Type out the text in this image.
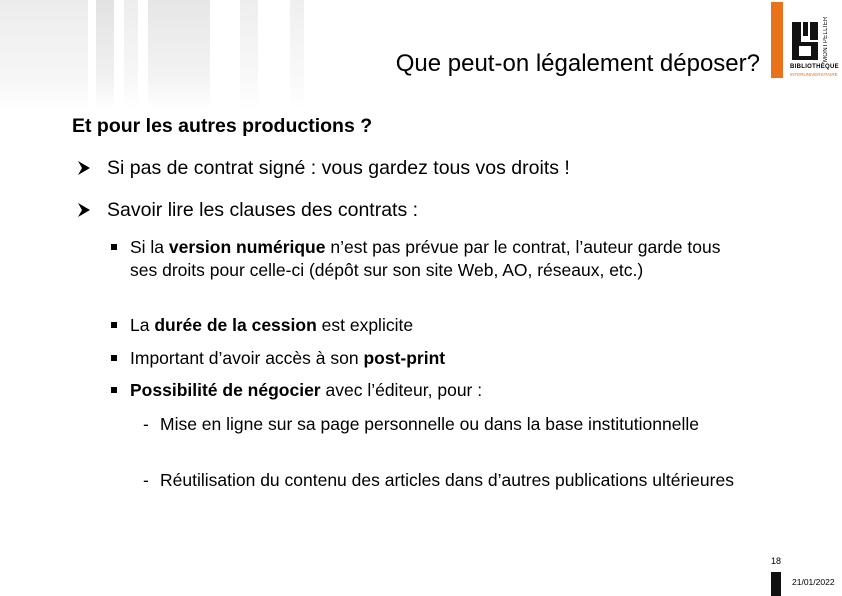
Que peut-on légalement déposer?
MONTPELLIER
BIBLIOTHÈQUE
INTERUNIVERSITAIRE
Et pour les autres productions ?
Si pas de contrat signé : vous gardez tous vos droits !
Savoir lire les clauses des contrats :
Si la version numérique n’est pas prévue par le contrat, l’auteur garde tous ses droits pour celle-ci (dépôt sur son site Web, AO, réseaux, etc.)
La durée de la cession est explicite
Important d’avoir accès à son post-print
Possibilité de négocier avec l’éditeur, pour :
- Mise en ligne sur sa page personnelle ou dans la base institutionnelle
- Réutilisation du contenu des articles dans d’autres publications ultérieures
18
21/01/2022
